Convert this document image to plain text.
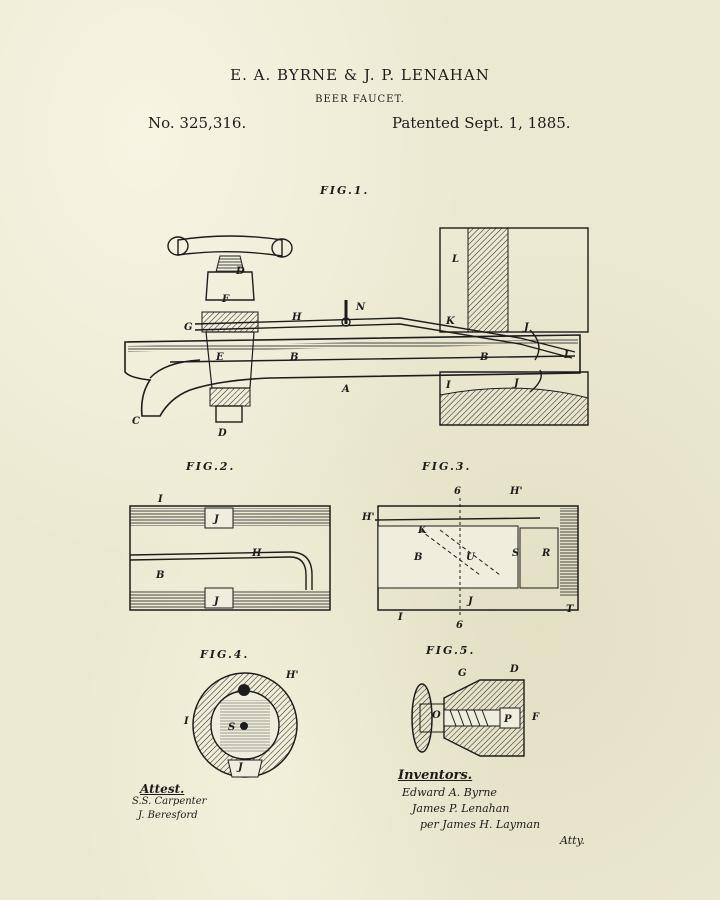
E. A. BYRNE & J. P. LENAHAN
BEER FAUCET.
No. 325,316.	Patented Sept. 1, 1885.
FIG.1.
FIG.2.	FIG.3.
FIG.4.	FIG.5.
D
F
G
H
N
K
L
J
J
E	B	B	I
I
A
C
D
I
J
H
B
J
6	H'
H'
K
B	U	S R
I
J
T
6
H'
I
S
J
G	D
O	P F
Attest.
S.S. Carpenter
J. Beresford
Inventors.
Edward A. Byrne
James P. Lenahan
per James H. Layman
Atty.
